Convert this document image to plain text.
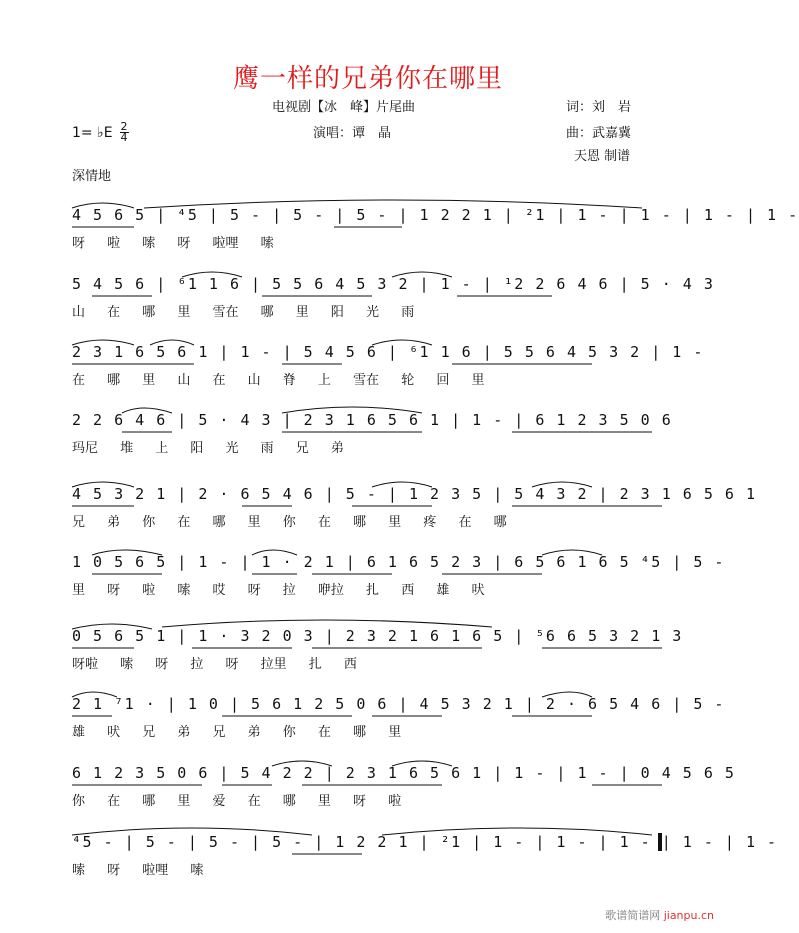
鹰一样的兄弟你在哪里
电视剧【冰　峰】片尾曲	词：刘　岩
演唱：谭　晶	曲：武嘉冀
天恩 制谱
1= ♭E $\frac{2}{4}$
深情地
4 5 6 5 | ⁴5 | 5 - | 5 - | 5 - | 1 2 2 1 | ²1 | 1 - | 1 - | 1 - | 1 -
呀 啦 嗦 呀 啦哩 嗦
5 4 5 6 | ⁶1 1 6 | 5 5 6 4 5 3 2 | 1 - | ¹2 2 6 4 6 | 5 · 4 3
山 在 哪 里 雪在 哪 里 阳 光 雨
2 3 1 6 5 6 1 | 1 - | 5 4 5 6 | ⁶1 1 6 | 5 5 6 4 5 3 2 | 1 -
在 哪 里 山 在 山 脊 上 雪在 轮 回 里
2 2 6 4 6 | 5 · 4 3 | 2 3 1 6 5 6 1 | 1 - | 6 1 2 3 5 0 6
玛尼 堆 上 阳 光 雨 兄 弟
4 5 3 2 1 | 2 · 6 5 4 6 | 5 - | 1 2 3 5 | 5 4 3 2 | 2 3 1 6 5 6 1
兄 弟 你 在 哪 里 你 在 哪 里 疼 在 哪
1 0 5 6 5 | 1 - | 1 · 2 1 | 6 1 6 5 2 3 | 6 5 6 1 6 5 ⁴5 | 5 -
里 呀 啦 嗦 哎 呀 拉 咿拉 扎 西 雄 吠
0 5 6 5 1 | 1 · 3 2 0 3 | 2 3 2 1 6 1 6 5 | ⁵6 6 5 3 2 1 3
呀啦 嗦 呀 拉 呀 拉里 扎 西
2 1 ⁷1 · | 1 0 | 5 6 1 2 5 0 6 | 4 5 3 2 1 | 2 · 6 5 4 6 | 5 -
雄 吠 兄 弟 兄 弟 你 在 哪 里
6 1 2 3 5 0 6 | 5 4 2 2 | 2 3 1 6 5 6 1 | 1 - | 1 - | 0 4 5 6 5
你 在 哪 里 爱 在 哪 里 呀 啦
⁴5 - | 5 - | 5 - | 5 - | 1 2 2 1 | ²1 | 1 - | 1 - | 1 - | 1 - | 1 -
嗦 呀 啦哩 嗦
歌谱简谱网 jianpu.cn
